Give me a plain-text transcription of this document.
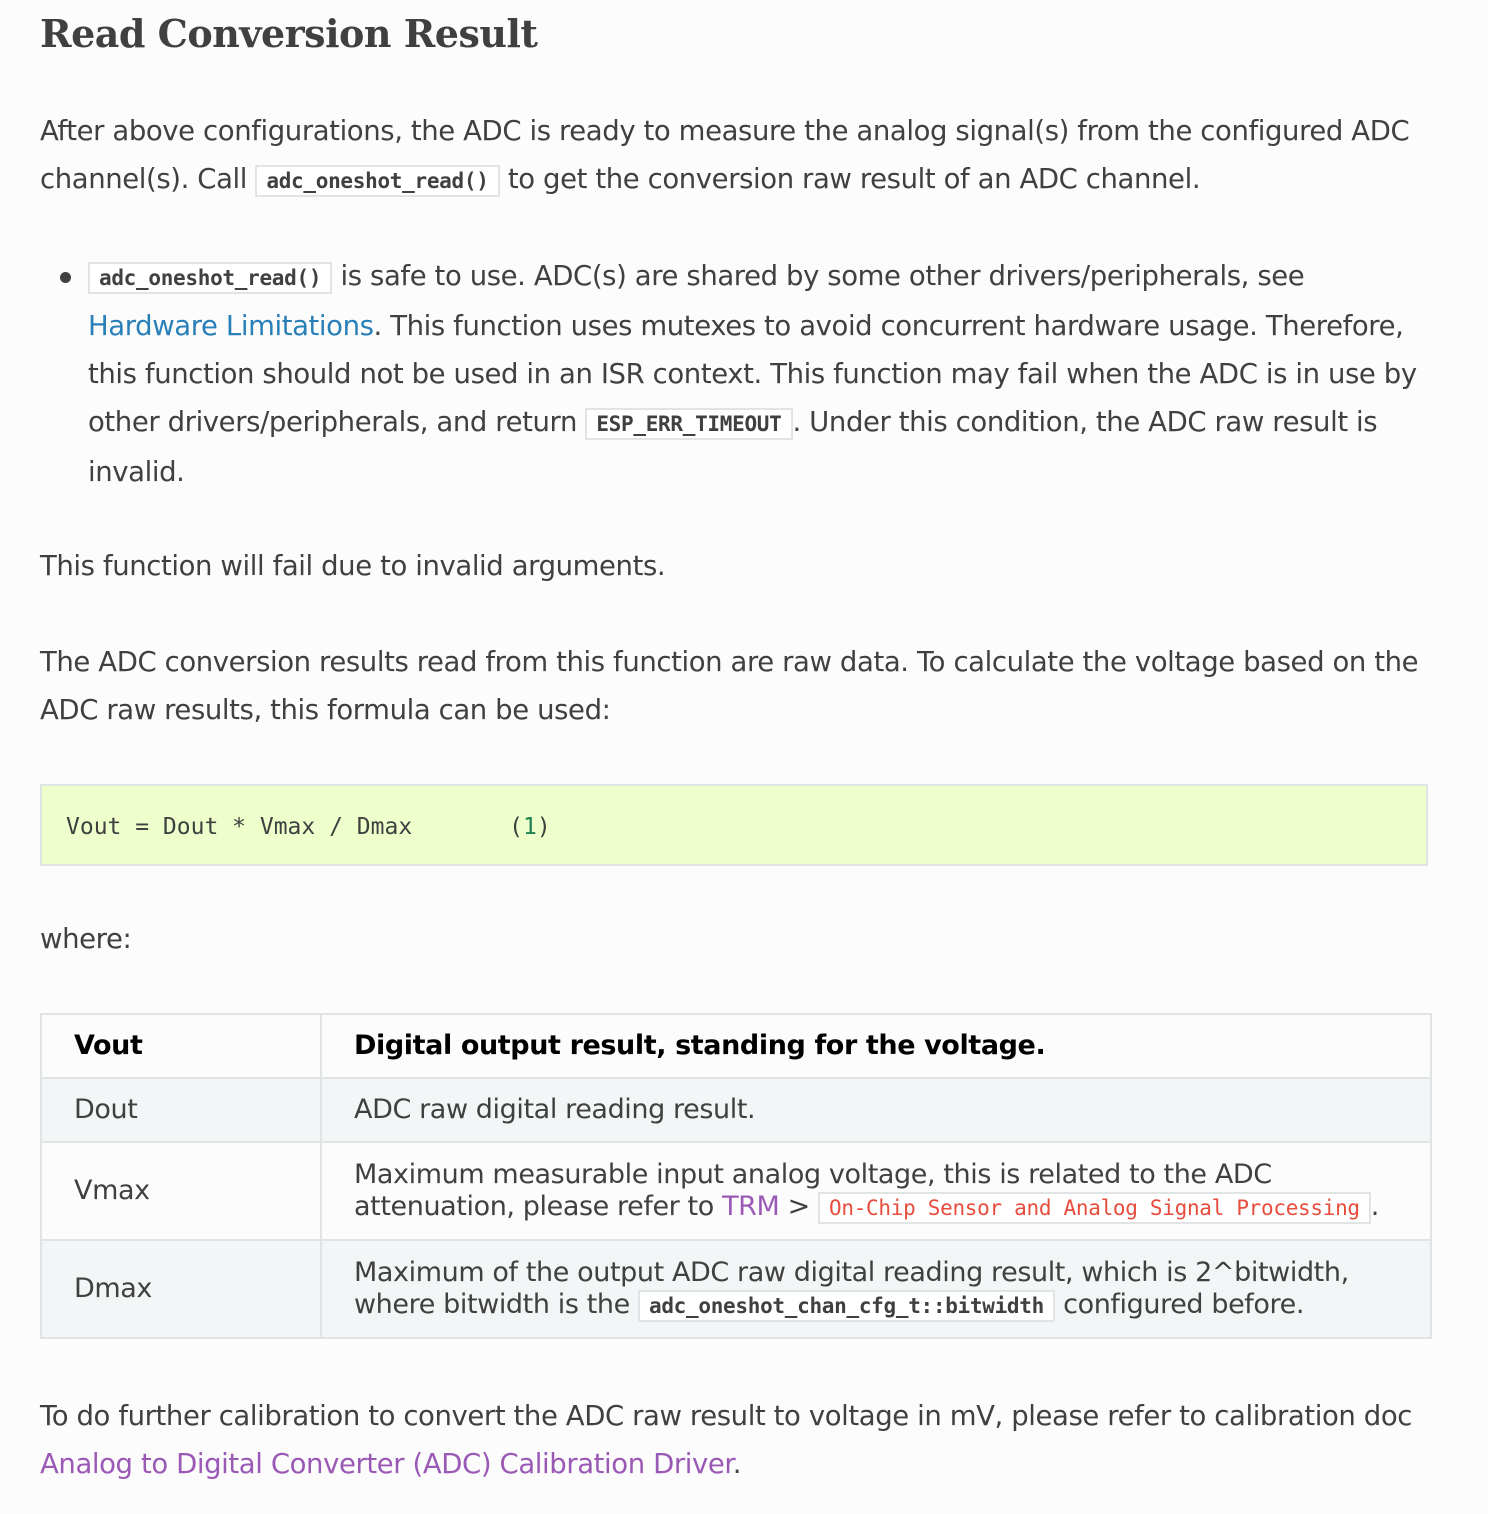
Read Conversion Result

After above configurations, the ADC is ready to measure the analog signal(s) from the configured ADC channel(s). Call adc_oneshot_read() to get the conversion raw result of an ADC channel.

adc_oneshot_read() is safe to use. ADC(s) are shared by some other drivers/peripherals, see Hardware Limitations. This function uses mutexes to avoid concurrent hardware usage. Therefore, this function should not be used in an ISR context. This function may fail when the ADC is in use by other drivers/peripherals, and return ESP_ERR_TIMEOUT . Under this condition, the ADC raw result is invalid.

This function will fail due to invalid arguments.

The ADC conversion results read from this function are raw data. To calculate the voltage based on the ADC raw results, this formula can be used:

Vout = Dout * Vmax / Dmax	(1)

where:

Vout	Digital output result, standing for the voltage.
Dout	ADC raw digital reading result.
Vmax	Maximum measurable input analog voltage, this is related to the ADC attenuation, please refer to TRM > On-Chip Sensor and Analog Signal Processing .
Dmax	Maximum of the output ADC raw digital reading result, which is 2^bitwidth, where bitwidth is the adc_oneshot_chan_cfg_t::bitwidth configured before.

To do further calibration to convert the ADC raw result to voltage in mV, please refer to calibration doc Analog to Digital Converter (ADC) Calibration Driver.
